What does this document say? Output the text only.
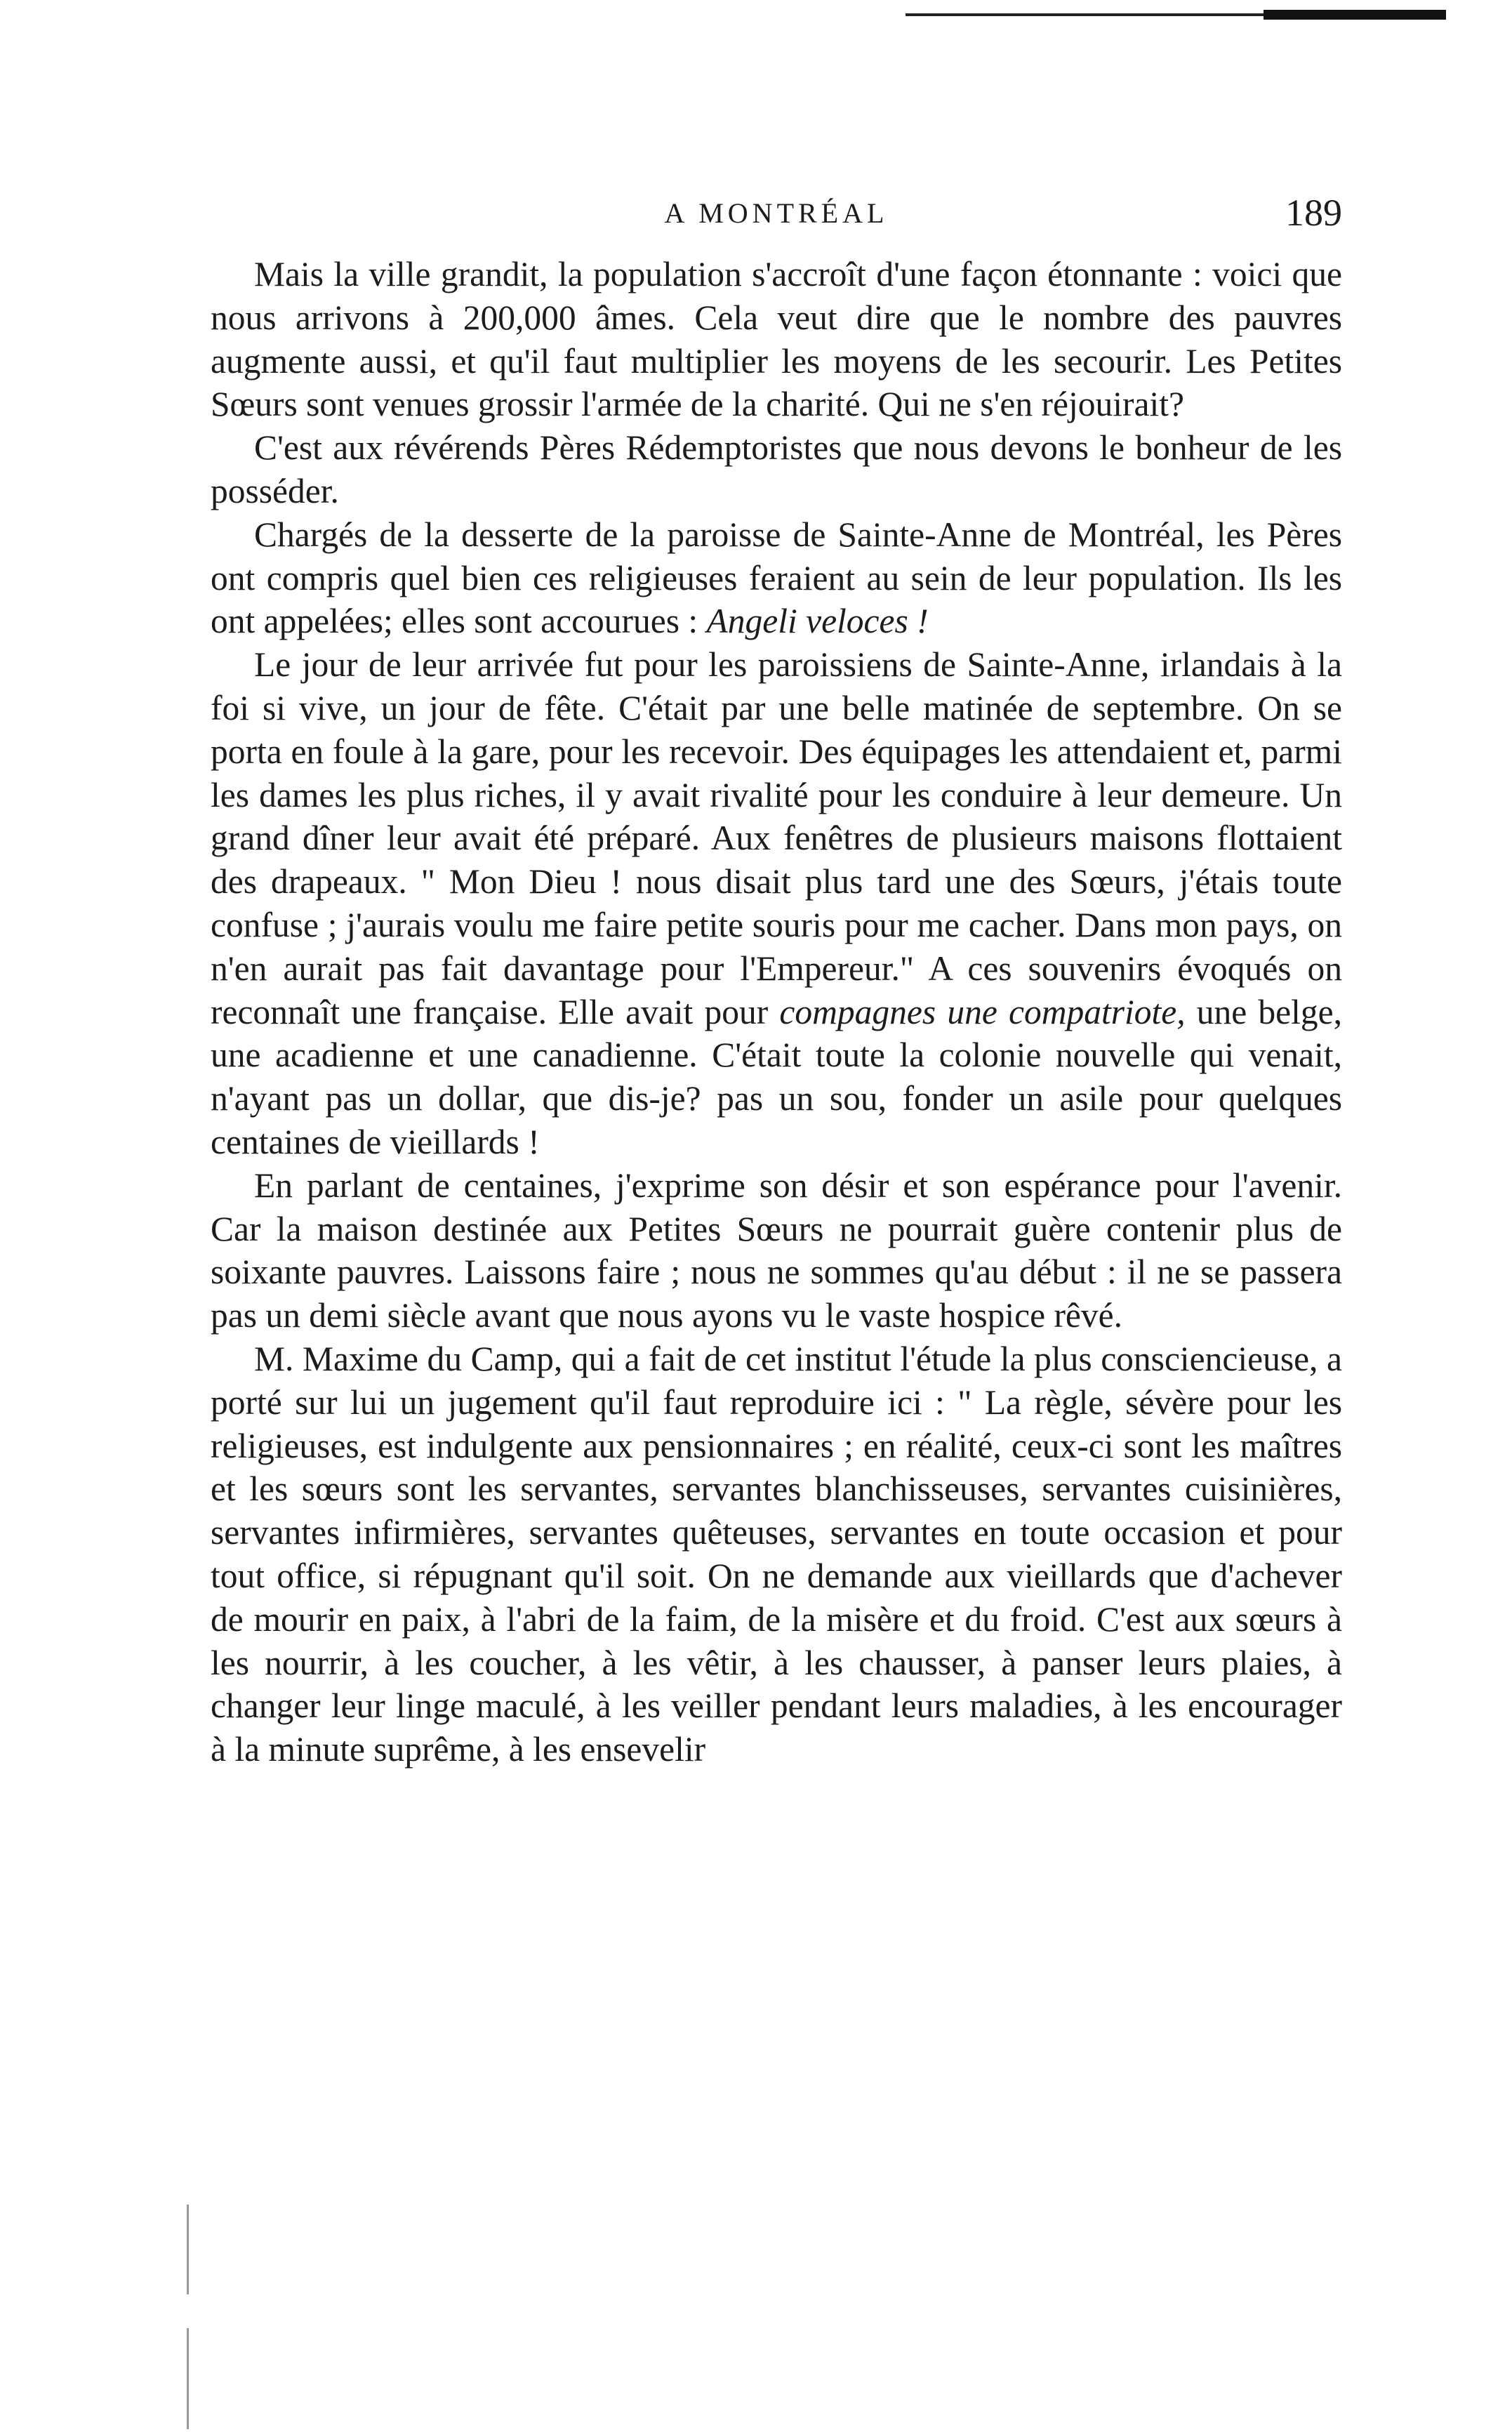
A MONTRÉAL	189

Mais la ville grandit, la population s'accroît d'une façon étonnante : voici que nous arrivons à 200,000 âmes. Cela veut dire que le nombre des pauvres augmente aussi, et qu'il faut multiplier les moyens de les secourir. Les Petites Sœurs sont venues grossir l'armée de la charité. Qui ne s'en réjouirait?

C'est aux révérends Pères Rédemptoristes que nous devons le bonheur de les posséder.

Chargés de la desserte de la paroisse de Sainte-Anne de Montréal, les Pères ont compris quel bien ces religieuses feraient au sein de leur population. Ils les ont appelées; elles sont accourues : Angeli veloces !

Le jour de leur arrivée fut pour les paroissiens de Sainte-Anne, irlandais à la foi si vive, un jour de fête. C'était par une belle matinée de septembre. On se porta en foule à la gare, pour les recevoir. Des équipages les attendaient et, parmi les dames les plus riches, il y avait rivalité pour les conduire à leur demeure. Un grand dîner leur avait été préparé. Aux fenêtres de plusieurs maisons flottaient des drapeaux. " Mon Dieu ! nous disait plus tard une des Sœurs, j'étais toute confuse ; j'aurais voulu me faire petite souris pour me cacher. Dans mon pays, on n'en aurait pas fait davantage pour l'Empereur." A ces souvenirs évoqués on reconnaît une française. Elle avait pour compagnes une compatriote, une belge, une acadienne et une canadienne. C'était toute la colonie nouvelle qui venait, n'ayant pas un dollar, que dis-je? pas un sou, fonder un asile pour quelques centaines de vieillards !

En parlant de centaines, j'exprime son désir et son espérance pour l'avenir. Car la maison destinée aux Petites Sœurs ne pourrait guère contenir plus de soixante pauvres. Laissons faire ; nous ne sommes qu'au début : il ne se passera pas un demi siècle avant que nous ayons vu le vaste hospice rêvé.

M. Maxime du Camp, qui a fait de cet institut l'étude la plus consciencieuse, a porté sur lui un jugement qu'il faut reproduire ici : " La règle, sévère pour les religieuses, est indulgente aux pensionnaires ; en réalité, ceux-ci sont les maîtres et les sœurs sont les servantes, servantes blanchisseuses, servantes cuisinières, servantes infirmières, servantes quêteuses, servantes en toute occasion et pour tout office, si répugnant qu'il soit. On ne demande aux vieillards que d'achever de mourir en paix, à l'abri de la faim, de la misère et du froid. C'est aux sœurs à les nourrir, à les coucher, à les vêtir, à les chausser, à panser leurs plaies, à changer leur linge maculé, à les veiller pendant leurs maladies, à les encourager à la minute suprême, à les ensevelir
